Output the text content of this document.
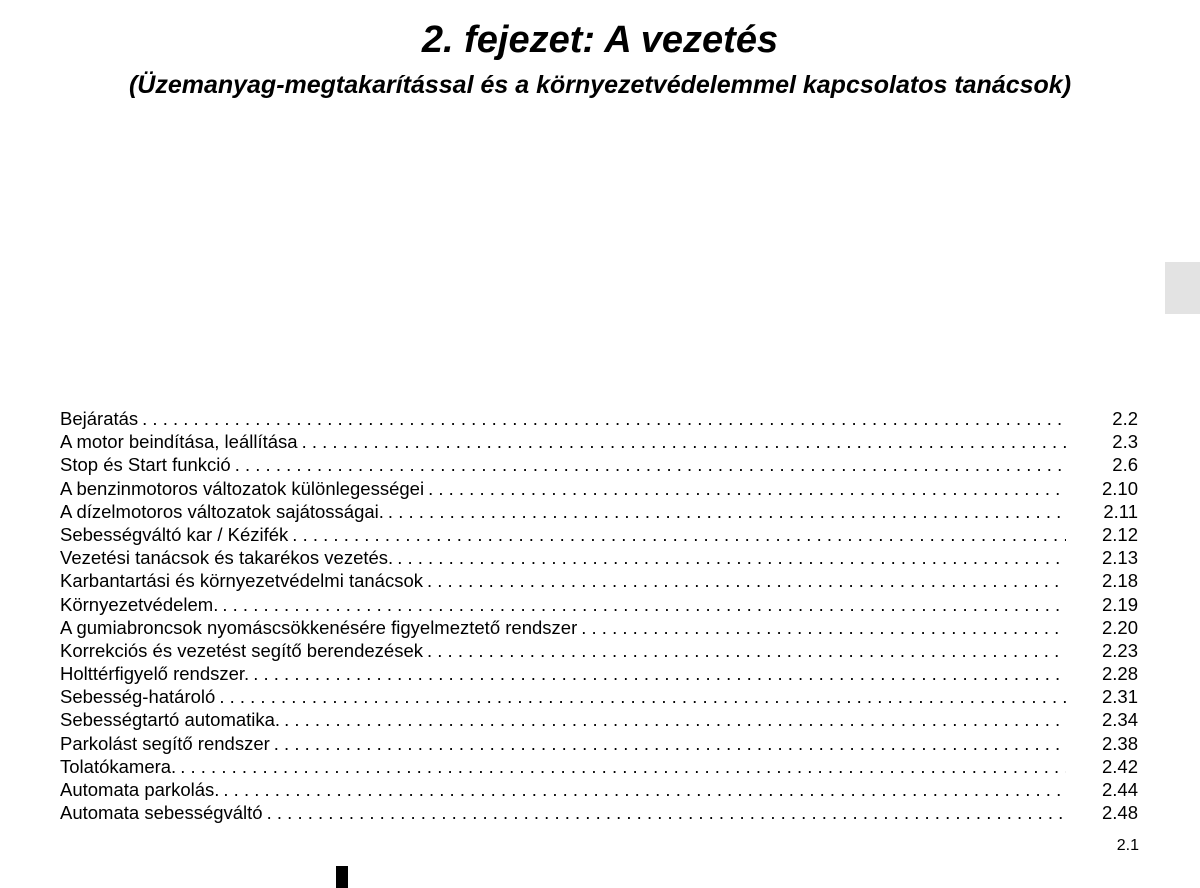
2. fejezet: A vezetés
(Üzemanyag-megtakarítással és a környezetvédelemmel kapcsolatos tanácsok)
Bejáratás . . .	2.2
A motor beindítása, leállítása . . .	2.3
Stop és Start funkció . . .	2.6
A benzinmotoros változatok különlegességei . . .	2.10
A dízelmotoros változatok sajátosságai. . . .	2.11
Sebességváltó kar / Kézifék . . .	2.12
Vezetési tanácsok és takarékos vezetés. . . .	2.13
Karbantartási és környezetvédelmi tanácsok . . .	2.18
Környezetvédelem. . . .	2.19
A gumiabroncsok nyomáscsökkenésére figyelmeztető rendszer . . .	2.20
Korrekciós és vezetést segítő berendezések . . .	2.23
Holttérfigyelő rendszer. . . .	2.28
Sebesség-határoló . . .	2.31
Sebességtartó automatika. . . .	2.34
Parkolást segítő rendszer . . .	2.38
Tolatókamera. . . .	2.42
Automata parkolás. . . .	2.44
Automata sebességváltó . . .	2.48
2.1
